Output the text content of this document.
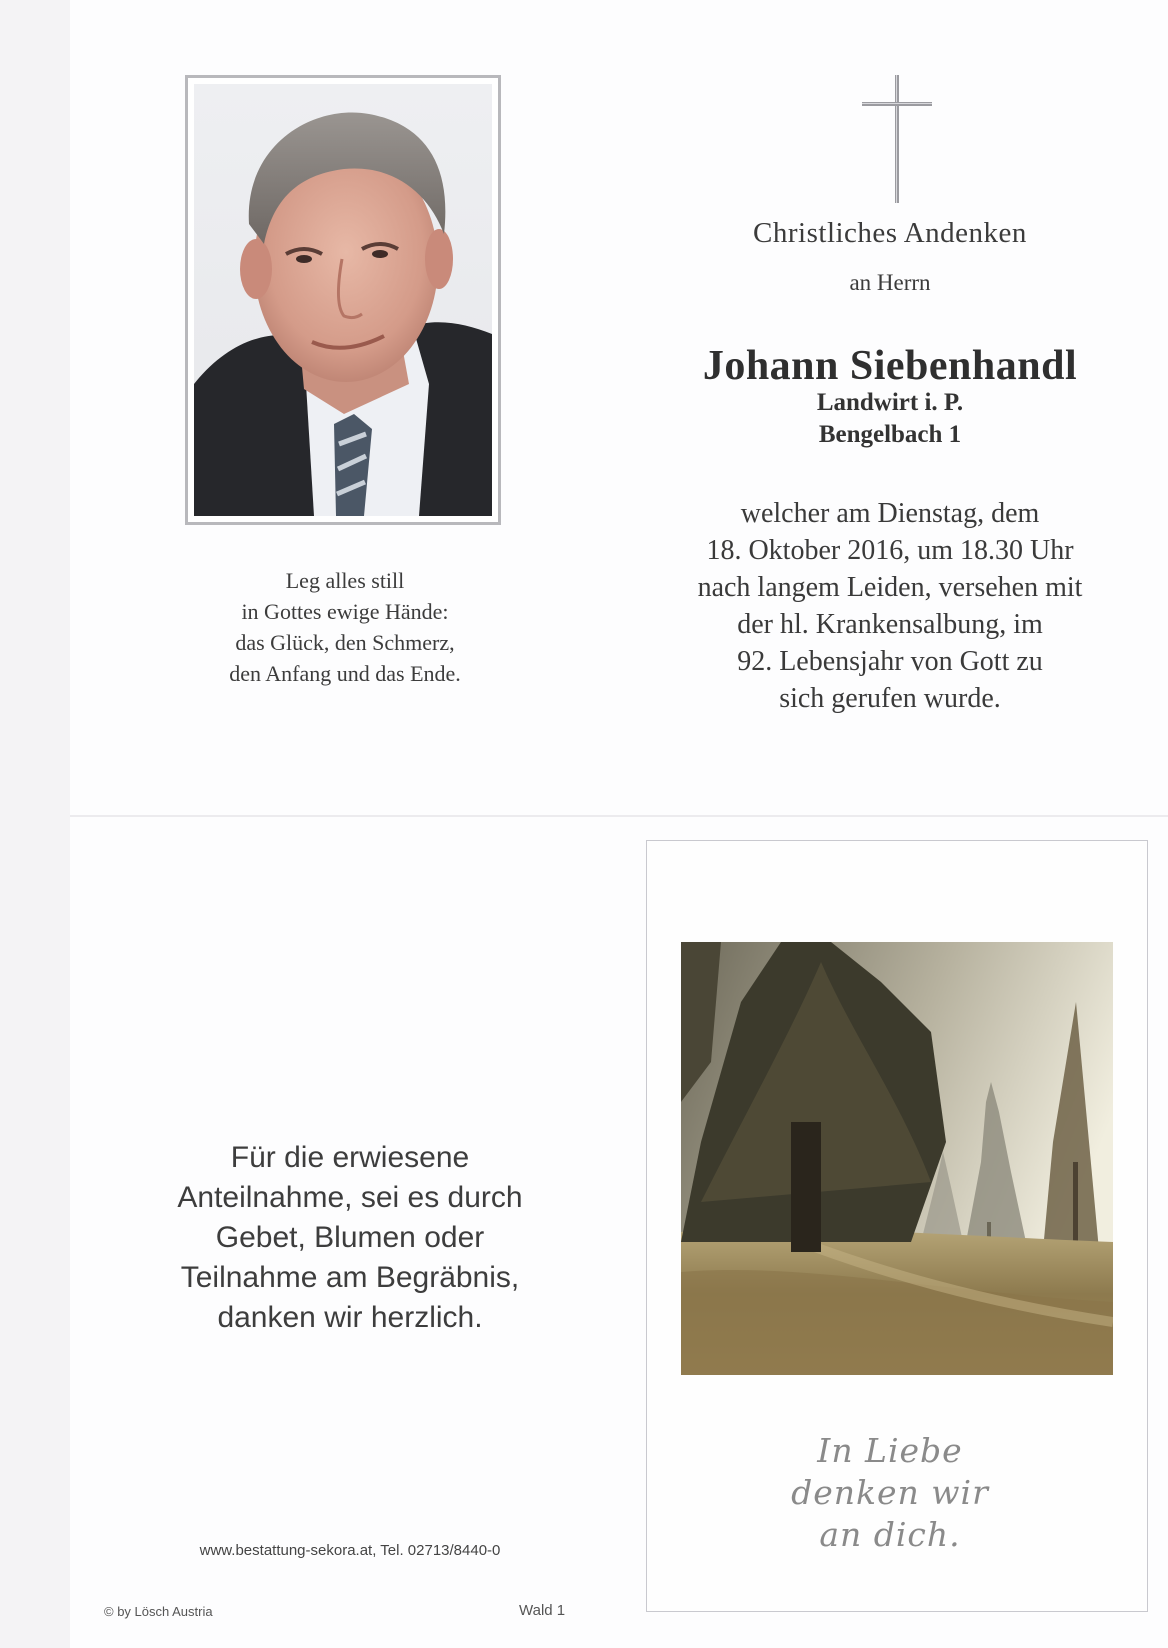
Leg alles still
in Gottes ewige Hände:
das Glück, den Schmerz,
den Anfang und das Ende.
Christliches Andenken
an Herrn
Johann Siebenhandl
Landwirt i. P.
Bengelbach 1
welcher am Dienstag, dem
18. Oktober 2016, um 18.30 Uhr
nach langem Leiden, versehen mit
der hl. Krankensalbung, im
92. Lebensjahr von Gott zu
sich gerufen wurde.
Für die erwiesene
Anteilnahme, sei es durch
Gebet, Blumen oder
Teilnahme am Begräbnis,
danken wir herzlich.
www.bestattung-sekora.at, Tel. 02713/8440-0
© by Lösch Austria	Wald 1
In Liebe
denken wir
an dich.
